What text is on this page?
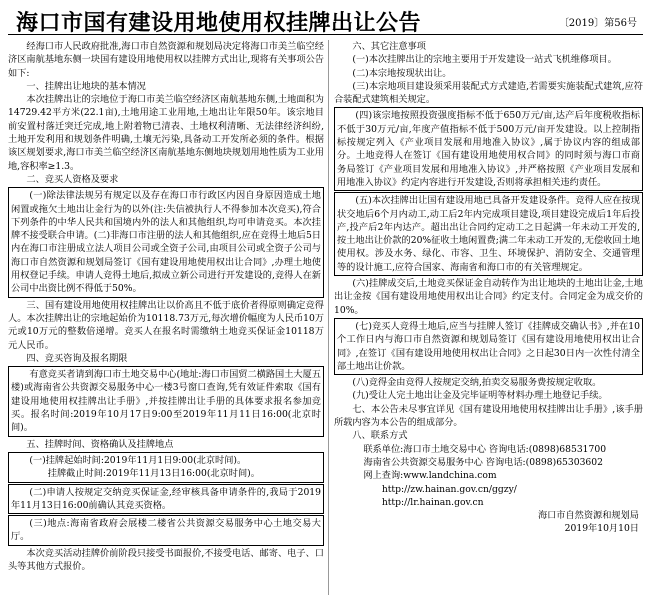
海口市国有建设用地使用权挂牌出让公告	〔2019〕第56号

经海口市人民政府批准,海口市自然资源和规划局决定将海口市美兰临空经济区南航基地东侧一块国有建设用地使用权以挂牌方式出让,现将有关事项公告如下:

一、挂牌出让地块的基本情况

本次挂牌出让的宗地位于海口市美兰临空经济区南航基地东侧,土地面积为14729.42平方米(22.1亩),土地用途工业用地,土地出让年限50年。该宗地目前安置村落迁突迁完成,地上附着物已清表、土地权利清晰、无法律经济纠纷,土地开发利用和规划条件明确,土壤无污染,具备动工开发所必须的条件。根据该区规划要求,海口市美兰临空经济区南航基地东侧地块规划用地性质为工业用地,容积率≥1.3。

二、竞买人资格及要求

(一)除法律法规另有规定以及存在海口市行政区内因自身原因造成土地闲置或拖欠土地出让金行为的以外(注:失信被执行人不得参加本次竞买),符合下列条件的中华人民共和国境内外的法人和其他组织,均可申请竞买。本次挂牌不接受联合申请。(二)非海口市注册的法人和其他组织,应在竞得土地后5日内在海口市注册成立法人项目公司或全资子公司,由项目公司或全资子公司与海口市自然资源和规划局签订《国有建设用地使用权出让合同》,办理土地使用权登记手续。申请人竞得土地后,拟成立新公司进行开发建设的,竞得人在新公司中出资比例不得低于50%。

三、国有建设用地使用权挂牌出让以价高且不低于底价者得原则确定竞得人。本次挂牌出让的宗地起始价为10118.73万元,每次增价幅度为人民币10万元或10万元的整数倍递增。竞买人在报名时需缴纳土地竞买保证金10118万元人民币。

四、竞买咨询及报名期限

有意竞买者请到海口市土地交易中心(地址:海口市国贸二横路国土大厦五楼)或海南省公共资源交易服务中心一楼3号窗口查询,凭有效证件索取《国有建设用地使用权挂牌出让手册》,并按挂牌出让手册的具体要求报名参加竞买。报名时间:2019年10月17日9:00至2019年11月11日16:00(北京时间)。

五、挂牌时间、资格确认及挂牌地点

(一)挂牌起始时间:2019年11月1日9:00(北京时间)。

挂牌截止时间:2019年11月13日16:00(北京时间)。

(二)申请人按规定交纳竞买保证金,经审核具备申请条件的,我局于2019年11月13日16:00前确认其竞买资格。

(三)地点:海南省政府会展楼二楼省公共资源交易服务中心土地交易大厅。

本次竞买活动挂牌价前阶段只接受书面报价,不接受电话、邮寄、电子、口头等其他方式报价。

六、其它注意事项

(一)本次挂牌出让的宗地主要用于开发建设一站式飞机维修项目。

(二)本宗地按现状出让。

(三)本宗地项目建设须采用装配式方式建造,若需要实施装配式建筑,应符合装配式建筑相关规定。

(四)该宗地按照投资强度指标不低于650万元/亩,达产后年度税收指标不低于30万元/亩,年度产值指标不低于500万元/亩开发建设。以上控制指标按规定列入《产业项目发展和用地准入协议》,属于协议内容的组成部分。土地竞得人在签订《国有建设用地使用权合同》的同时须与海口市商务局签订《产业项目发展和用地准入协议》,并严格按照《产业项目发展和用地准入协议》约定内容进行开发建设,否则将承担相关违约责任。

(五)本次挂牌出让国有建设用地已具备开发建设条件。竞得人应在按现状交地后6个月内动工,动工后2年内完成项目建设,项目建设完成后1年后投产,投产后2年内达产。超出出让合同约定动工之日起满一年未动工开发的,按土地出让价款的20%征收土地闲置费;满二年未动工开发的,无偿收回土地使用权。涉及水务、绿化、市容、卫生、环境保护、消防安全、交通管理等的设计施工,应符合国家、海南省和海口市的有关管理规定。

(六)挂牌成交后,土地竞买保证金自动转作为出让地块的土地出让金,土地出让金按《国有建设用地使用权出让合同》约定支付。合同定金为成交价的10%。

(七)竞买人竞得土地后,应当与挂牌人签订《挂牌成交确认书》,并在10个工作日内与海口市自然资源和规划局签订《国有建设用地使用权出让合同》,在签订《国有建设用地使用权出让合同》之日起30日内一次性付清全部土地出让价款。

(八)竞得金由竞得人按规定交纳,拍卖交易服务费按规定收取。

(九)受让人完土地出让金及完毕证明等材料办理土地登记手续。

七、本公告未尽事宜详见《国有建设用地使用权挂牌出让手册》,该手册所载内容为本公告的组成部分。

八、联系方式

联系单位:海口市土地交易中心 咨询电话:(0898)68531700

海南省公共资源交易服务中心 咨询电话:(0898)65303602

网上查询:www.landchina.com

http://zw.hainan.gov.cn/ggzy/

http://lr.hainan.gov.cn

海口市自然资源和规划局

2019年10月10日
